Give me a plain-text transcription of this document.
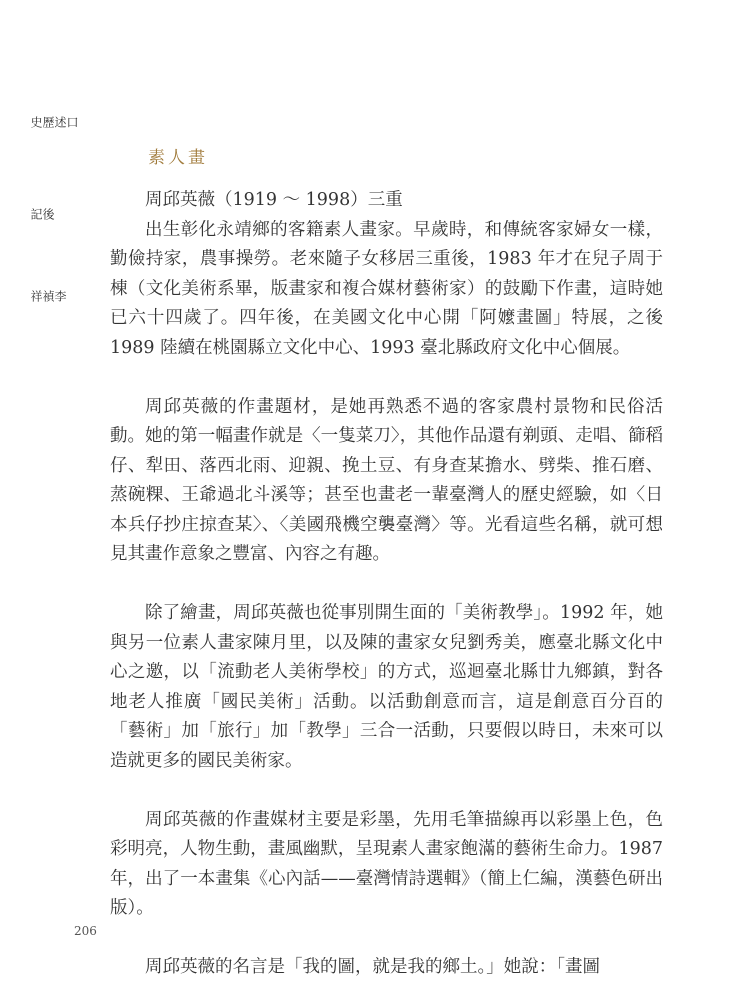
口述歷史
後記
李禎祥
素人畫

周邱英薇（1919 ～ 1998）三重

出生彰化永靖鄉的客籍素人畫家。早歲時，和傳統客家婦女一樣，勤儉持家，農事操勞。老來隨子女移居三重後，1983 年才在兒子周于棟（文化美術系畢，版畫家和複合媒材藝術家）的鼓勵下作畫，這時她已六十四歲了。四年後，在美國文化中心開「阿嬤畫圖」特展，之後 1989 陸續在桃園縣立文化中心、1993 臺北縣政府文化中心個展。

周邱英薇的作畫題材，是她再熟悉不過的客家農村景物和民俗活動。她的第一幅畫作就是〈一隻菜刀〉，其他作品還有剃頭、走唱、篩稻仔、犁田、落西北雨、迎親、挽土豆、有身查某擔水、劈柴、推石磨、蒸碗粿、王爺過北斗溪等；甚至也畫老一輩臺灣人的歷史經驗，如〈日本兵仔抄庄掠查某〉、〈美國飛機空襲臺灣〉等。光看這些名稱，就可想見其畫作意象之豐富、內容之有趣。

除了繪畫，周邱英薇也從事別開生面的「美術教學」。1992 年，她與另一位素人畫家陳月里，以及陳的畫家女兒劉秀美，應臺北縣文化中心之邀，以「流動老人美術學校」的方式，巡迴臺北縣廿九鄉鎮，對各地老人推廣「國民美術」活動。以活動創意而言，這是創意百分百的「藝術」加「旅行」加「教學」三合一活動，只要假以時日，未來可以造就更多的國民美術家。

周邱英薇的作畫媒材主要是彩墨，先用毛筆描線再以彩墨上色，色彩明亮，人物生動，畫風幽默，呈現素人畫家飽滿的藝術生命力。1987 年，出了一本畫集《心內話——臺灣情詩選輯》（簡上仁編，漢藝色研出版）。

周邱英薇的名言是「我的圖，就是我的鄉土。」她說：「畫圖

206
